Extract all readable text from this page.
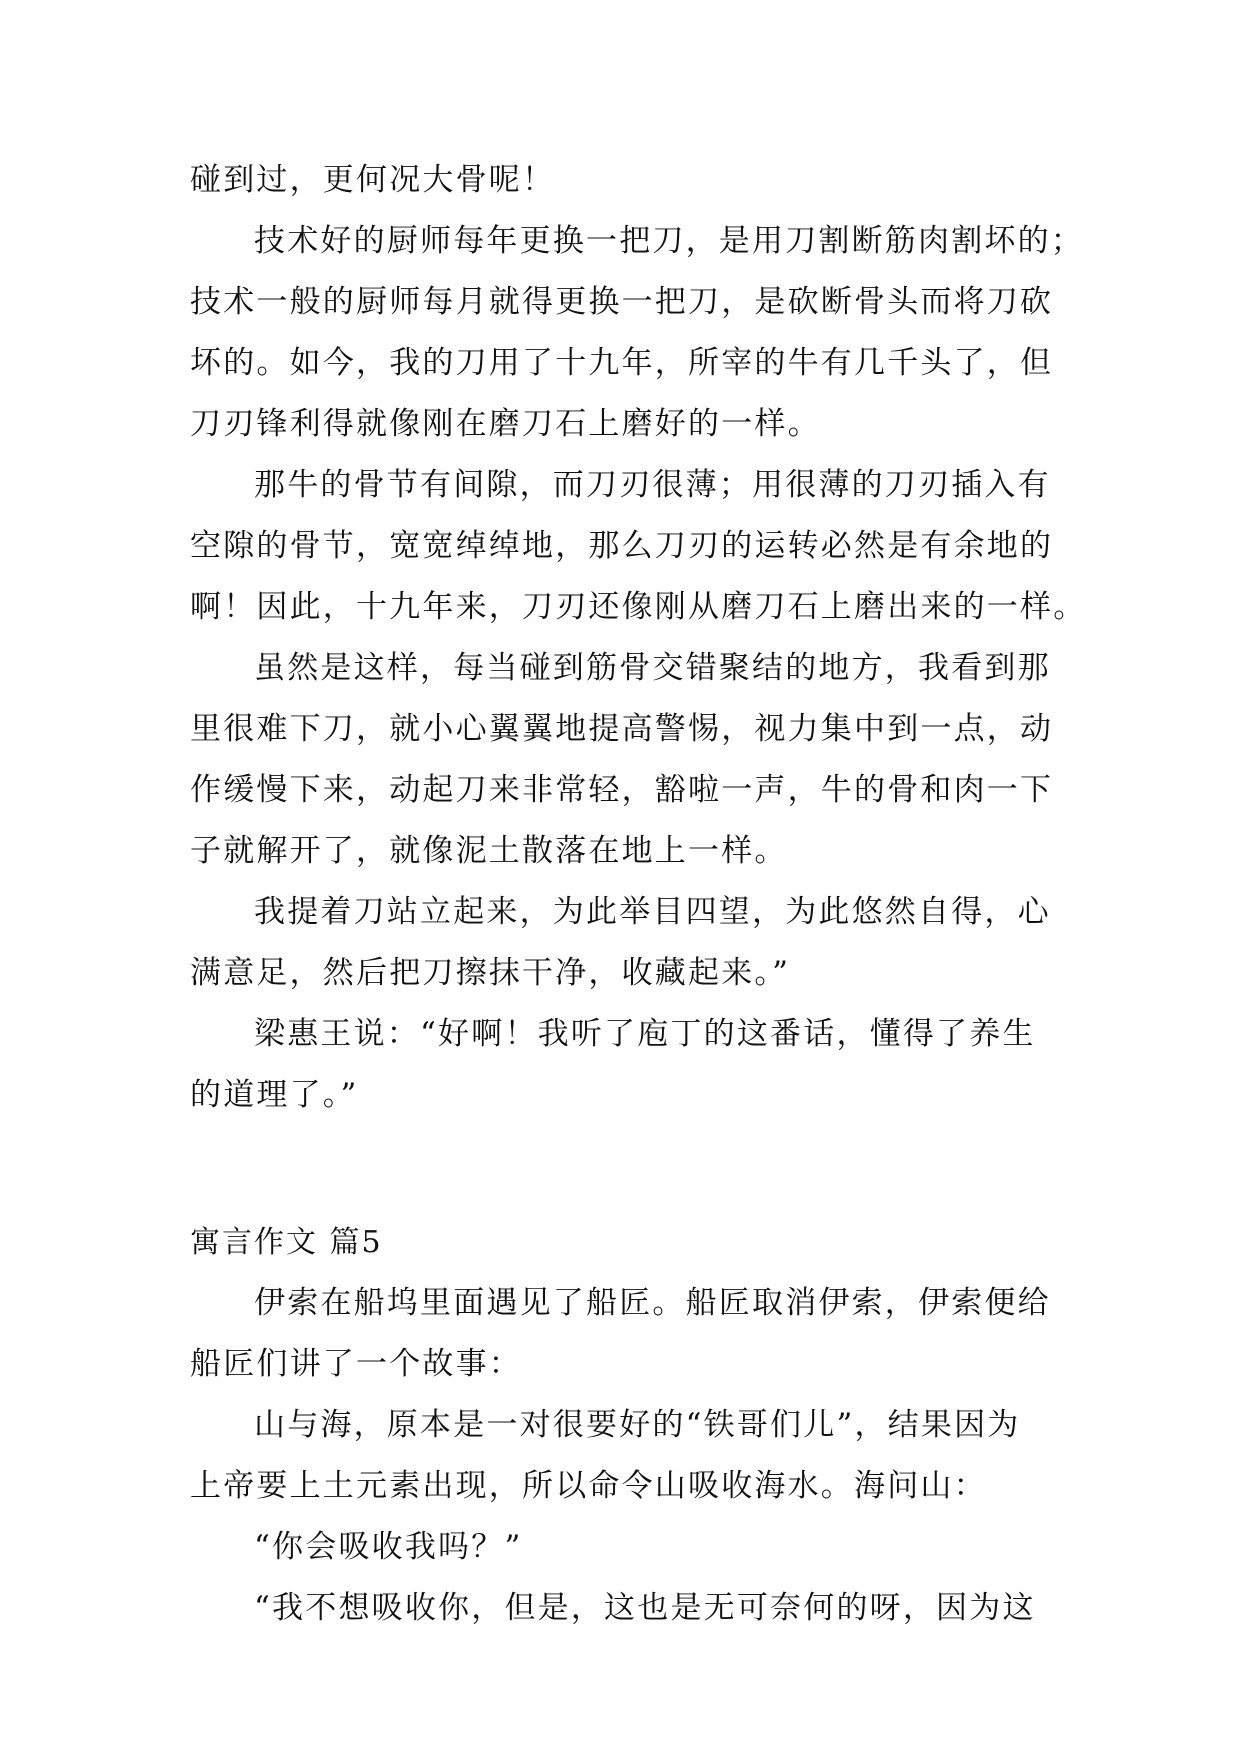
碰到过，更何况大骨呢！

技术好的厨师每年更换一把刀，是用刀割断筋肉割坏的；

技术一般的厨师每月就得更换一把刀，是砍断骨头而将刀砍

坏的。如今，我的刀用了十九年，所宰的牛有几千头了，但

刀刃锋利得就像刚在磨刀石上磨好的一样。

那牛的骨节有间隙，而刀刃很薄；用很薄的刀刃插入有

空隙的骨节，宽宽绰绰地，那么刀刃的运转必然是有余地的

啊！因此，十九年来，刀刃还像刚从磨刀石上磨出来的一样。

虽然是这样，每当碰到筋骨交错聚结的地方，我看到那

里很难下刀，就小心翼翼地提高警惕，视力集中到一点，动

作缓慢下来，动起刀来非常轻，豁啦一声，牛的骨和肉一下

子就解开了，就像泥土散落在地上一样。

我提着刀站立起来，为此举目四望，为此悠然自得，心

满意足，然后把刀擦抹干净，收藏起来。”

梁惠王说：“好啊！我听了庖丁的这番话，懂得了养生

的道理了。”

寓言作文 篇5

伊索在船坞里面遇见了船匠。船匠取消伊索，伊索便给

船匠们讲了一个故事：

山与海，原本是一对很要好的“铁哥们儿”，结果因为

上帝要上土元素出现，所以命令山吸收海水。海问山：

“你会吸收我吗？”

“我不想吸收你，但是，这也是无可奈何的呀，因为这
